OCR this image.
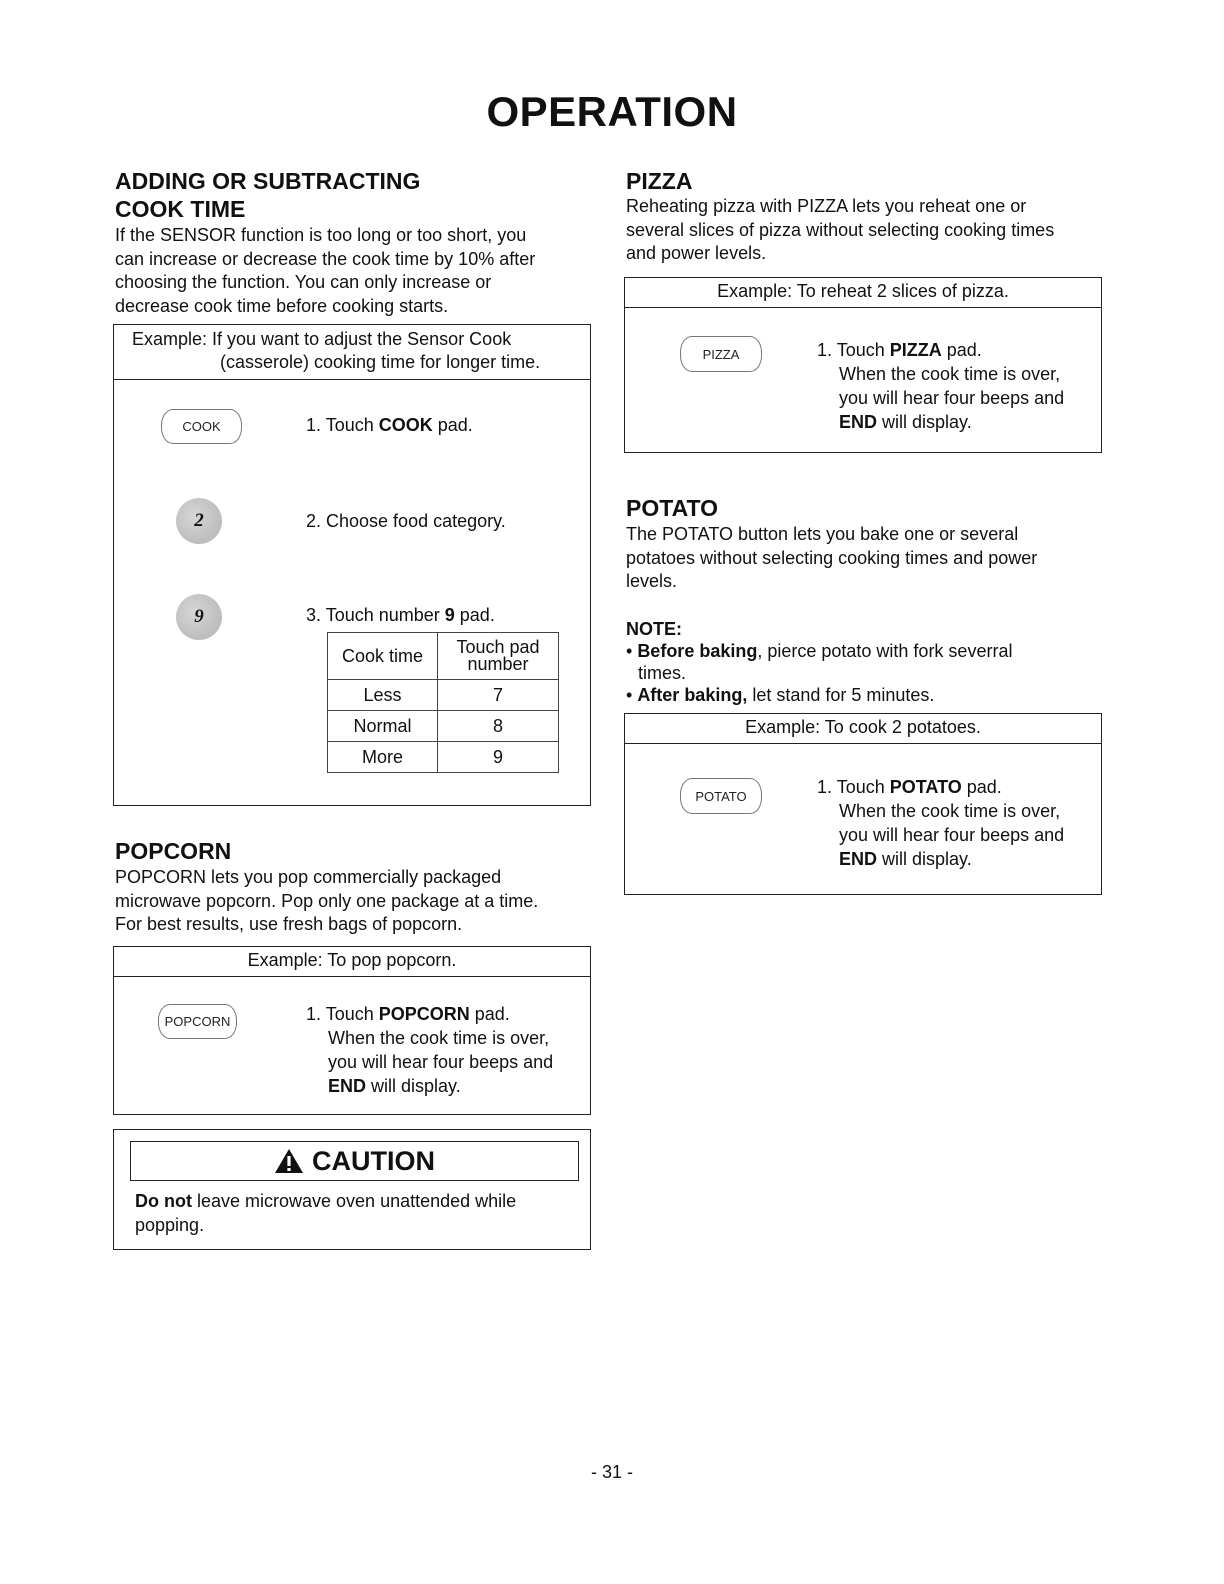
OPERATION
ADDING OR SUBTRACTING
COOK TIME
If the SENSOR function is too long or too short, you
can increase or decrease the cook time by 10% after
choosing the function. You can only increase or
decrease cook time before cooking starts.
Example: If you want to adjust the Sensor Cook
(casserole) cooking time for longer time.
COOK	1. Touch COOK pad.
2	2. Choose food category.
9	3. Touch number 9 pad.
Cook time	Touch pad
number

Less	7
Normal	8
More	9
POPCORN
POPCORN lets you pop commercially packaged
microwave popcorn. Pop only one package at a time.
For best results, use fresh bags of popcorn.
Example: To pop popcorn.
POPCORN	1. Touch POPCORN pad.
When the cook time is over,
you will hear four beeps and
END will display.
CAUTION
Do not leave microwave oven unattended while
popping.
PIZZA
Reheating pizza with PIZZA lets you reheat one or
several slices of pizza without selecting cooking times
and power levels.
Example: To reheat 2 slices of pizza.
PIZZA	1. Touch PIZZA pad.
When the cook time is over,
you will hear four beeps and
END will display.
POTATO
The POTATO button lets you bake one or several
potatoes without selecting cooking times and power
levels.
NOTE:
• Before baking, pierce potato with fork severral
times.
• After baking, let stand for 5 minutes.
Example: To cook 2 potatoes.
POTATO	1. Touch POTATO pad.
When the cook time is over,
you will hear four beeps and
END will display.
- 31 -
